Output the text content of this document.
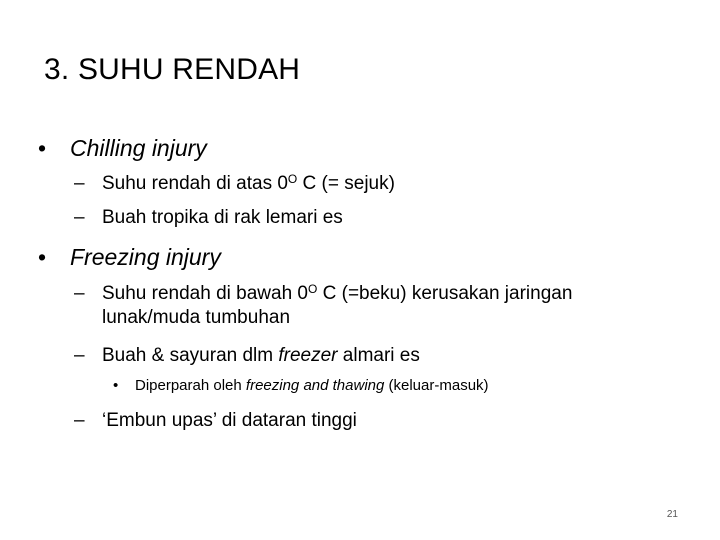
3. SUHU RENDAH
• Chilling injury
– Suhu rendah di atas $0^O$ C (= sejuk)
– Buah tropika di rak lemari es
• Freezing injury
– Suhu rendah di bawah $0^O$ C (=beku) kerusakan jaringan lunak/muda tumbuhan
– Buah & sayuran dlm freezer almari es
• Diperparah oleh freezing and thawing (keluar-masuk)
– ‘Embun upas’ di dataran tinggi
21
